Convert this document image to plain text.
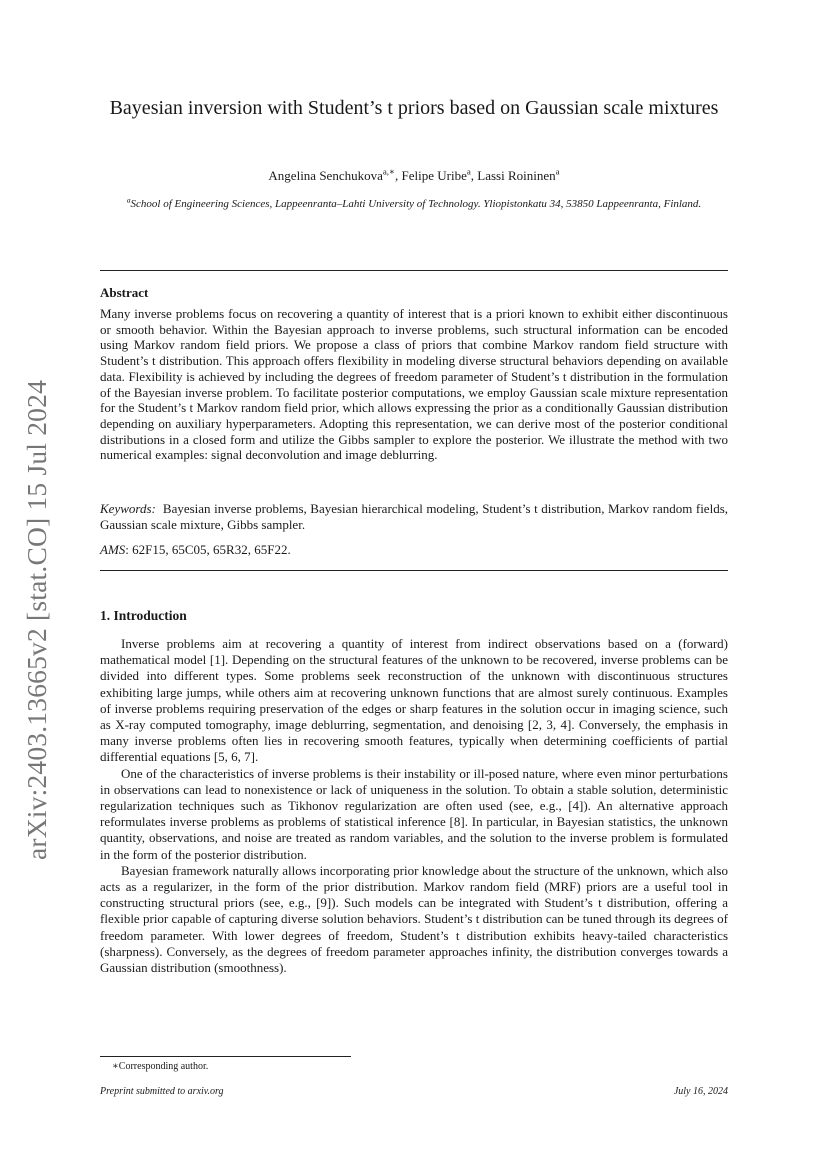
arXiv:2403.13665v2 [stat.CO] 15 Jul 2024
Bayesian inversion with Student’s t priors based on Gaussian scale mixtures
Angelina Senchukova$^{a,∗}$, Felipe Uribe$^a$, Lassi Roininen$^a$
$^a$School of Engineering Sciences, Lappeenranta–Lahti University of Technology. Yliopistonkatu 34, 53850 Lappeenranta, Finland.
Abstract
Many inverse problems focus on recovering a quantity of interest that is a priori known to exhibit either discontinuous or smooth behavior. Within the Bayesian approach to inverse problems, such structural information can be encoded using Markov random field priors. We propose a class of priors that combine Markov random field structure with Student’s t distribution. This approach offers flexibility in modeling diverse structural behaviors depending on available data. Flexibility is achieved by including the degrees of freedom parameter of Student’s t distribution in the formulation of the Bayesian inverse problem. To facilitate posterior computations, we employ Gaussian scale mixture representation for the Student’s t Markov random field prior, which allows expressing the prior as a conditionally Gaussian distribution depending on auxiliary hyperparameters. Adopting this representation, we can derive most of the posterior conditional distributions in a closed form and utilize the Gibbs sampler to explore the posterior. We illustrate the method with two numerical examples: signal deconvolution and image deblurring.
Keywords: Bayesian inverse problems, Bayesian hierarchical modeling, Student’s t distribution, Markov random fields, Gaussian scale mixture, Gibbs sampler.
AMS: 62F15, 65C05, 65R32, 65F22.
1. Introduction

Inverse problems aim at recovering a quantity of interest from indirect observations based on a (forward) mathematical model [1]. Depending on the structural features of the unknown to be recovered, inverse problems can be divided into different types. Some problems seek reconstruction of the unknown with discontinuous structures exhibiting large jumps, while others aim at recovering unknown functions that are almost surely continuous. Examples of inverse problems requiring preservation of the edges or sharp features in the solution occur in imaging science, such as X-ray computed tomography, image deblurring, segmentation, and denoising [2, 3, 4]. Conversely, the emphasis in many inverse problems often lies in recovering smooth features, typically when determining coefficients of partial differential equations [5, 6, 7].

One of the characteristics of inverse problems is their instability or ill-posed nature, where even minor perturbations in observations can lead to nonexistence or lack of uniqueness in the solution. To obtain a stable solution, deterministic regularization techniques such as Tikhonov regularization are often used (see, e.g., [4]). An alternative approach reformulates inverse problems as problems of statistical inference [8]. In particular, in Bayesian statistics, the unknown quantity, observations, and noise are treated as random variables, and the solution to the inverse problem is formulated in the form of the posterior distribution.

Bayesian framework naturally allows incorporating prior knowledge about the structure of the unknown, which also acts as a regularizer, in the form of the prior distribution. Markov random field (MRF) priors are a useful tool in constructing structural priors (see, e.g., [9]). Such models can be integrated with Student’s t distribution, offering a flexible prior capable of capturing diverse solution behaviors. Student’s t distribution can be tuned through its degrees of freedom parameter. With lower degrees of freedom, Student’s t distribution exhibits heavy-tailed characteristics (sharpness). Conversely, as the degrees of freedom parameter approaches infinity, the distribution converges towards a Gaussian distribution (smoothness).

∗Corresponding author.
Preprint submitted to arxiv.org	July 16, 2024
